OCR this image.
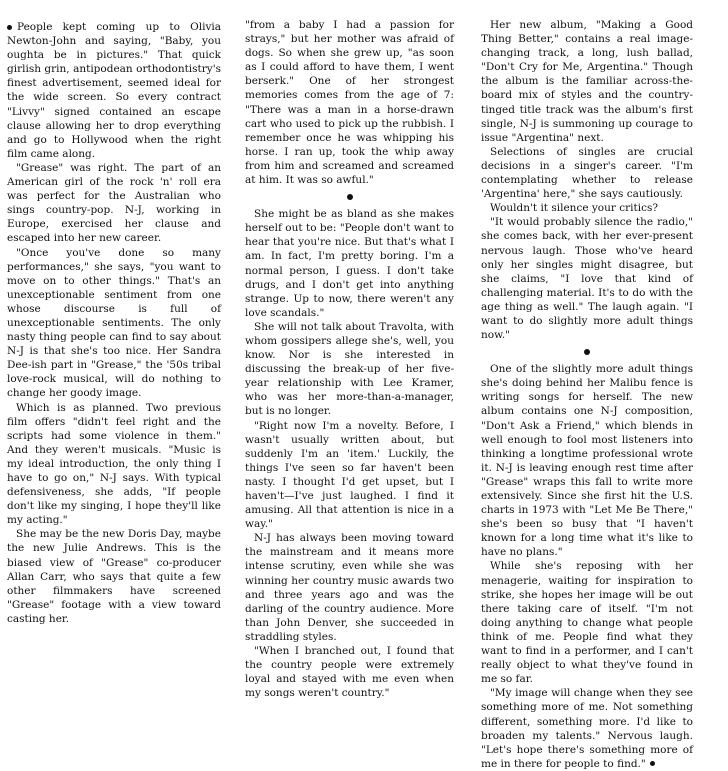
People kept coming up to Olivia Newton-John and saying, "Baby, you oughta be in pictures." That quick girlish grin, antipodean orthodontistry's finest advertisement, seemed ideal for the wide screen. So every contract "Livvy" signed contained an escape clause allowing her to drop everything and go to Hollywood when the right film came along.

"Grease" was right. The part of an American girl of the rock 'n' roll era was perfect for the Australian who sings country-pop. N-J, working in Europe, exercised her clause and escaped into her new career.

"Once you've done so many performances," she says, "you want to move on to other things." That's an unexceptionable sentiment from one whose discourse is full of unexceptionable sentiments. The only nasty thing people can find to say about N-J is that she's too nice. Her Sandra Dee-ish part in "Grease," the '50s tribal love-rock musical, will do nothing to change her goody image.

Which is as planned. Two previous film offers "didn't feel right and the scripts had some violence in them." And they weren't musicals. "Music is my ideal introduction, the only thing I have to go on," N-J says. With typical defensiveness, she adds, "If people don't like my singing, I hope they'll like my acting."

She may be the new Doris Day, maybe the new Julie Andrews. This is the biased view of "Grease" co-producer Allan Carr, who says that quite a few other filmmakers have screened "Grease" footage with a view toward casting her.

"from a baby I had a passion for strays," but her mother was afraid of dogs. So when she grew up, "as soon as I could afford to have them, I went berserk." One of her strongest memories comes from the age of 7: "There was a man in a horse-drawn cart who used to pick up the rubbish. I remember once he was whipping his horse. I ran up, took the whip away from him and screamed and screamed at him. It was so awful."

She might be as bland as she makes herself out to be: "People don't want to hear that you're nice. But that's what I am. In fact, I'm pretty boring. I'm a normal person, I guess. I don't take drugs, and I don't get into anything strange. Up to now, there weren't any love scandals."

She will not talk about Travolta, with whom gossipers allege she's, well, you know. Nor is she interested in discussing the break-up of her five-year relationship with Lee Kramer, who was her more-than-a-manager, but is no longer.

"Right now I'm a novelty. Before, I wasn't usually written about, but suddenly I'm an 'item.' Luckily, the things I've seen so far haven't been nasty. I thought I'd get upset, but I haven't—I've just laughed. I find it amusing. All that attention is nice in a way."

N-J has always been moving toward the mainstream and it means more intense scrutiny, even while she was winning her country music awards two and three years ago and was the darling of the country audience. More than John Denver, she succeeded in straddling styles.

"When I branched out, I found that the country people were extremely loyal and stayed with me even when my songs weren't country."

Her new album, "Making a Good Thing Better," contains a real image-changing track, a long, lush ballad, "Don't Cry for Me, Argentina." Though the album is the familiar across-the-board mix of styles and the country-tinged title track was the album's first single, N-J is summoning up courage to issue "Argentina" next.

Selections of singles are crucial decisions in a singer's career. "I'm contemplating whether to release 'Argentina' here," she says cautiously.

Wouldn't it silence your critics?

"It would probably silence the radio," she comes back, with her ever-present nervous laugh. Those who've heard only her singles might disagree, but she claims, "I love that kind of challenging material. It's to do with the age thing as well." The laugh again. "I want to do slightly more adult things now."

One of the slightly more adult things she's doing behind her Malibu fence is writing songs for herself. The new album contains one N-J composition, "Don't Ask a Friend," which blends in well enough to fool most listeners into thinking a longtime professional wrote it. N-J is leaving enough rest time after "Grease" wraps this fall to write more extensively. Since she first hit the U.S. charts in 1973 with "Let Me Be There," she's been so busy that "I haven't known for a long time what it's like to have no plans."

While she's reposing with her menagerie, waiting for inspiration to strike, she hopes her image will be out there taking care of itself. "I'm not doing anything to change what people think of me. People find what they want to find in a performer, and I can't really object to what they've found in me so far.

"My image will change when they see something more of me. Not something different, something more. I'd like to broaden my talents." Nervous laugh. "Let's hope there's something more of me in there for people to find."
